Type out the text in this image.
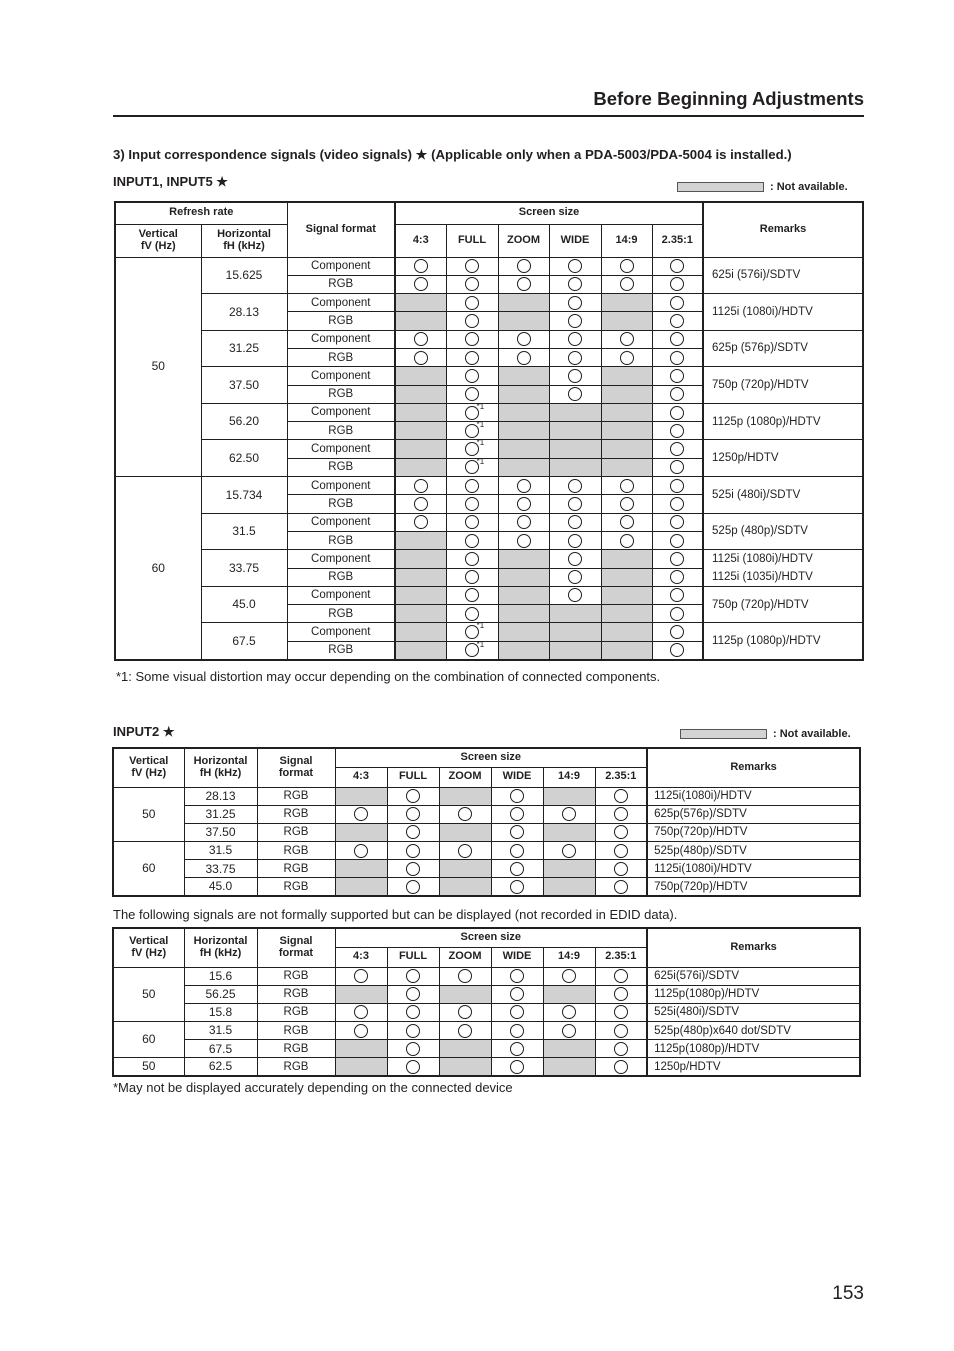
Before Beginning Adjustments
3) Input correspondence signals (video signals) ★ (Applicable only when a PDA-5003/PDA-5004 is installed.)
INPUT1, INPUT5 ★	: Not available.
Refresh rate		Signal format	Screen size						Remarks
Vertical
fV (Hz)	Horizontal
fH (kHz)		4:3	FULL	ZOOM	WIDE	14:9	2.35:1	
50	15.625	Component							625i (576i)/SDTV
		RGB							
	28.13	Component							1125i (1080i)/HDTV
		RGB							
	31.25	Component							625p (576p)/SDTV
		RGB							
	37.50	Component							750p (720p)/HDTV
		RGB							
	56.20	Component		*1					1125p (1080p)/HDTV
		RGB		*1					

	62.50	Component		*1					1250p/HDTV
		RGB		*1					

60	15.734	Component							525i (480i)/SDTV
		RGB							
	31.5	Component							525p (480p)/SDTV
		RGB							
	33.75	Component							1125i (1080i)/HDTV
1125i (1035i)/HDTV
		RGB							
	45.0	Component							750p (720p)/HDTV
		RGB							
	67.5	Component		*1					1125p (1080p)/HDTV
		RGB		*1					

*1: Some visual distortion may occur depending on the combination of connected components.
INPUT2 ★	: Not available.
Vertical
fV (Hz)	Horizontal
fH (kHz)	Signal
format	Screen size						Remarks
			4:3	FULL	ZOOM	WIDE	14:9	2.35:1	
50	28.13	RGB							1125i(1080i)/HDTV
	31.25	RGB							625p(576p)/SDTV
	37.50	RGB							750p(720p)/HDTV
60	31.5	RGB							525p(480p)/SDTV
	33.75	RGB							1125i(1080i)/HDTV
	45.0	RGB							750p(720p)/HDTV
The following signals are not formally supported but can be displayed (not recorded in EDID data).
Vertical
fV (Hz)	Horizontal
fH (kHz)	Signal
format	Screen size						Remarks
			4:3	FULL	ZOOM	WIDE	14:9	2.35:1	
50	15.6	RGB							625i(576i)/SDTV
	56.25	RGB							1125p(1080p)/HDTV
	15.8	RGB							525i(480i)/SDTV
60	31.5	RGB							525p(480p)x640 dot/SDTV
	67.5	RGB							1125p(1080p)/HDTV
50	62.5	RGB							1250p/HDTV
*May not be displayed accurately depending on the connected device
153
